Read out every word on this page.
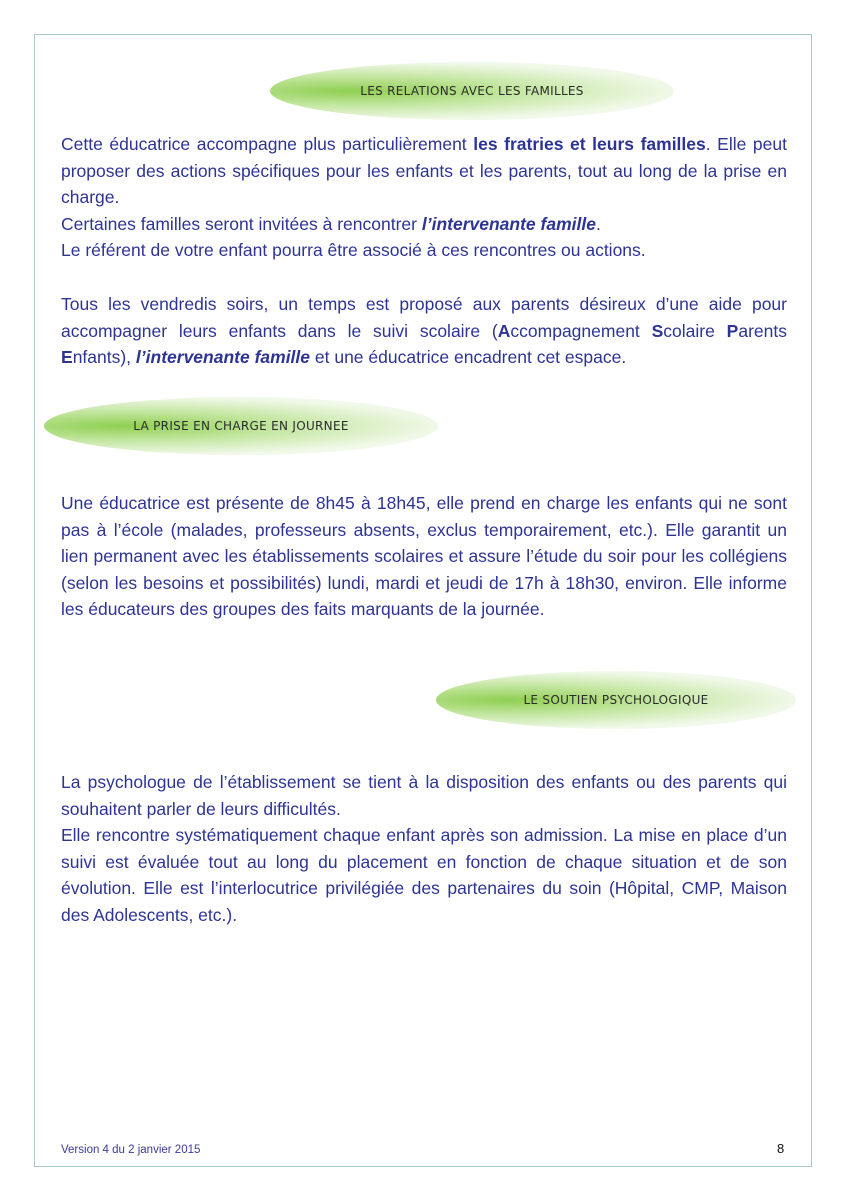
LES RELATIONS AVEC LES FAMILLES

Cette éducatrice accompagne plus particulièrement les fratries et leurs familles. Elle peut proposer des actions spécifiques pour les enfants et les parents, tout au long de la prise en charge.
Certaines familles seront invitées à rencontrer l’intervenante famille.
Le référent de votre enfant pourra être associé à ces rencontres ou actions.

Tous les vendredis soirs, un temps est proposé aux parents désireux d’une aide pour accompagner leurs enfants dans le suivi scolaire (Accompagnement Scolaire Parents Enfants), l’intervenante famille et une éducatrice encadrent cet espace.

LA PRISE EN CHARGE EN JOURNEE

Une éducatrice est présente de 8h45 à 18h45, elle prend en charge les enfants qui ne sont pas à l’école (malades, professeurs absents, exclus temporairement, etc.). Elle garantit un lien permanent avec les établissements scolaires et assure l’étude du soir pour les collégiens (selon les besoins et possibilités) lundi, mardi et jeudi de 17h à 18h30, environ. Elle informe les éducateurs des groupes des faits marquants de la journée.

LE SOUTIEN PSYCHOLOGIQUE

La psychologue de l’établissement se tient à la disposition des enfants ou des parents qui souhaitent parler de leurs difficultés.
Elle rencontre systématiquement chaque enfant après son admission. La mise en place d’un suivi est évaluée tout au long du placement en fonction de chaque situation et de son évolution. Elle est l’interlocutrice privilégiée des partenaires du soin (Hôpital, CMP, Maison des Adolescents, etc.).

Version 4 du 2 janvier 2015	8
